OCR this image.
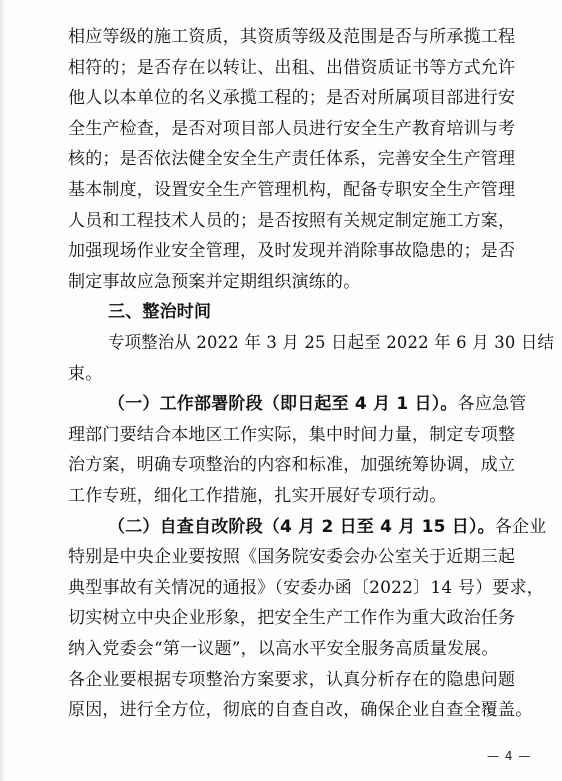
相应等级的施工资质，其资质等级及范围是否与所承揽工程
相符的；是否存在以转让、出租、出借资质证书等方式允许
他人以本单位的名义承揽工程的；是否对所属项目部进行安
全生产检查，是否对项目部人员进行安全生产教育培训与考
核的；是否依法健全安全生产责任体系，完善安全生产管理
基本制度，设置安全生产管理机构，配备专职安全生产管理
人员和工程技术人员的；是否按照有关规定制定施工方案，
加强现场作业安全管理，及时发现并消除事故隐患的；是否
制定事故应急预案并定期组织演练的。
三、整治时间
专项整治从 2022 年 3 月 25 日起至 2022 年 6 月 30 日结
束。
（一）工作部署阶段（即日起至 4 月 1 日）。各应急管
理部门要结合本地区工作实际，集中时间力量，制定专项整
治方案，明确专项整治的内容和标准，加强统筹协调，成立
工作专班，细化工作措施，扎实开展好专项行动。
（二）自查自改阶段（4 月 2 日至 4 月 15 日）。各企业
特别是中央企业要按照《国务院安委会办公室关于近期三起
典型事故有关情况的通报》（安委办函〔2022〕14 号）要求，
切实树立中央企业形象，把安全生产工作作为重大政治任务
纳入党委会“第一议题”，以高水平安全服务高质量发展。
各企业要根据专项整治方案要求，认真分析存在的隐患问题
原因，进行全方位，彻底的自查自改，确保企业自查全覆盖。
— 4 —
